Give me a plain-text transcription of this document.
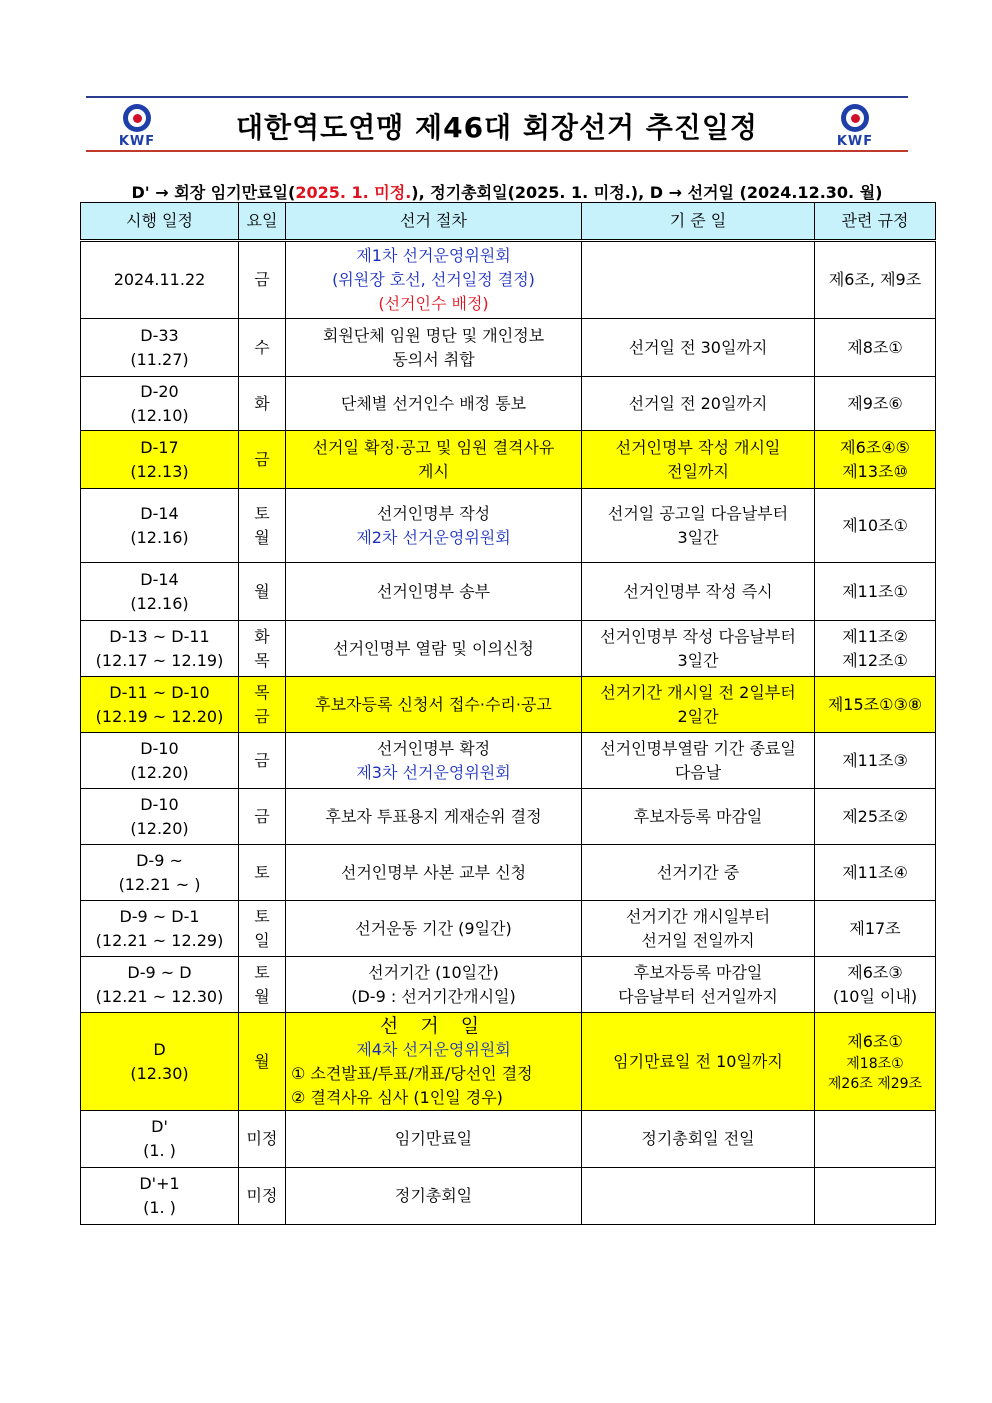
KWF	대한역도연맹 제46대 회장선거 추진일정	KWF
D' → 회장 임기만료일(2025. 1. 미정.), 정기총회일(2025. 1. 미정.), D → 선거일 (2024.12.30. 월)
시행 일정	요일	선거 절차	기 준 일	관련 규정

2024.11.22	금	제1차 선거운영위원회
(위원장 호선, 선거일정 결정)
(선거인수 배정)		제6조, 제9조

D-33
(11.27)	수	회원단체 임원 명단 및 개인정보
동의서 취합	선거일 전 30일까지	제8조①

D-20
(12.10)	화	단체별 선거인수 배정 통보	선거일 전 20일까지	제9조⑥

D-17
(12.13)	금	선거일 확정·공고 및 임원 결격사유
게시	선거인명부 작성 개시일
전일까지	제6조④⑤
제13조⑩

D-14
(12.16)	토
월	선거인명부 작성
제2차 선거운영위원회	선거일 공고일 다음날부터
3일간	제10조①

D-14
(12.16)	월	선거인명부 송부	선거인명부 작성 즉시	제11조①

D-13 ~ D-11
(12.17 ~ 12.19)	화
목	선거인명부 열람 및 이의신청	선거인명부 작성 다음날부터
3일간	제11조②
제12조①

D-11 ~ D-10
(12.19 ~ 12.20)	목
금	후보자등록 신청서 접수·수리·공고	선거기간 개시일 전 2일부터
2일간	제15조①③⑧

D-10
(12.20)	금	선거인명부 확정
제3차 선거운영위원회	선거인명부열람 기간 종료일
다음날	제11조③

D-10
(12.20)	금	후보자 투표용지 게재순위 결정	후보자등록 마감일	제25조②

D-9 ~
(12.21 ~ )	토	선거인명부 사본 교부 신청	선거기간 중	제11조④

D-9 ~ D-1
(12.21 ~ 12.29)	토
일	선거운동 기간 (9일간)	선거기간 개시일부터
선거일 전일까지	제17조

D-9 ~ D
(12.21 ~ 12.30)	토
월	선거기간 (10일간)
(D-9 : 선거기간개시일)	후보자등록 마감일
다음날부터 선거일까지	제6조③
(10일 이내)

D
(12.30)	월	선 거 일
제4차 선거운영위원회
① 소견발표/투표/개표/당선인 결정
② 결격사유 심사 (1인일 경우)	임기만료일 전 10일까지	제6조①
제18조①
제26조 제29조

D'
(1. )	미정	임기만료일	정기총회일 전일	

D'+1
(1. )	미정	정기총회일		
